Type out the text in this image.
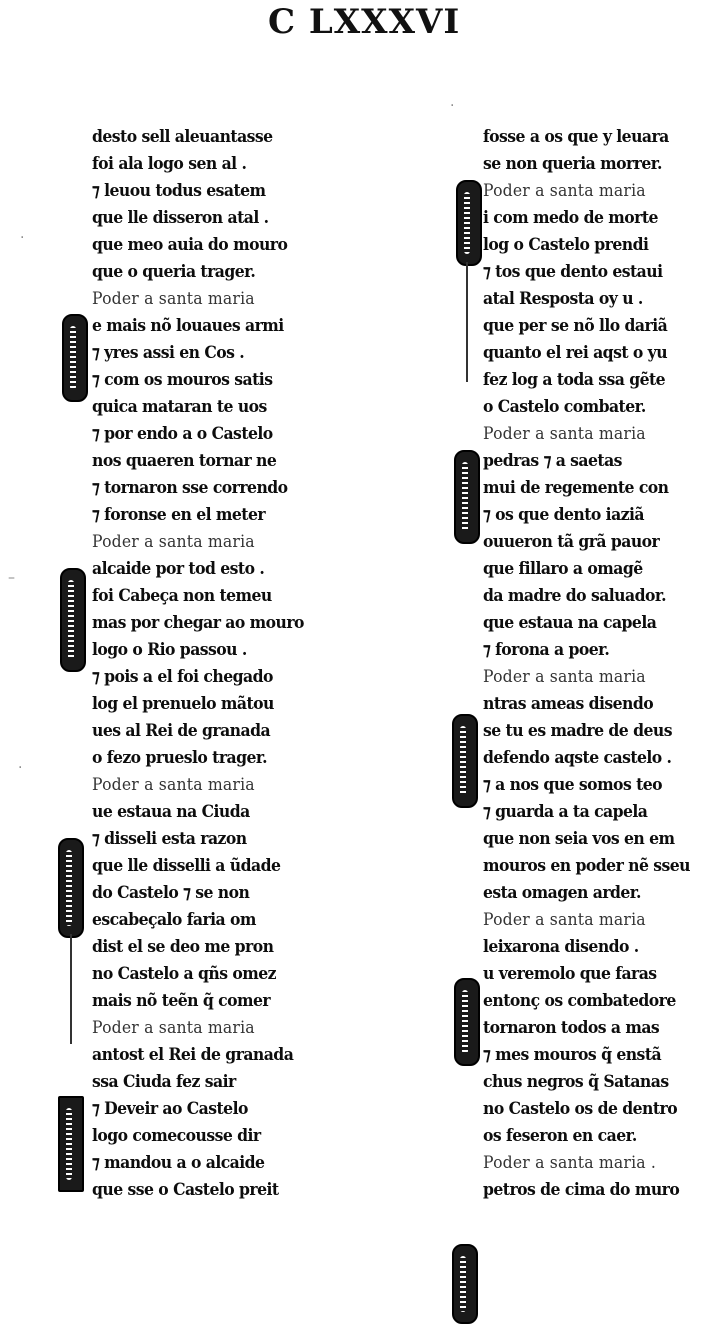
C LXXXVI
·
–
·
·
desto sell aleuantasse
foi ala logo sen al .
⁊ leuou todus esatem
que lle disseron atal .
que meo auia do mouro
que o queria trager.
Poder a santa maria
e mais nõ louaues armi
⁊ yres assi en Cos .
⁊ com os mouros satis
quica mataran te uos
⁊ por endo a o Castelo
nos quaeren tornar ne
⁊ tornaron sse correndo
⁊ foronse en el meter
Poder a santa maria
alcaide por tod esto .
foi Cabeça non temeu
mas por chegar ao mouro
logo o Rio passou .
⁊ pois a el foi chegado
log el prenuelo mãtou
ues al Rei de granada
o fezo prueslo trager.
Poder a santa maria
ue estaua na Ciuda
⁊ disseli esta razon
que lle disselli a ũdade
do Castelo ⁊ se non
escabeçalo faria om
dist el se deo me pron
no Castelo a qñs omez
mais nõ teẽn q̃ comer
Poder a santa maria
antost el Rei de granada
ssa Ciuda fez sair
⁊ Deveir ao Castelo
logo comecousse dir
⁊ mandou a o alcaide
que sse o Castelo preit
fosse a os que y leuara
se non queria morrer.
Poder a santa maria
i com medo de morte
log o Castelo prendi
⁊ tos que dento estaui
atal Resposta oy u .
que per se nõ llo dariã
quanto el rei aqst o yu
fez log a toda ssa gẽte
o Castelo combater.
Poder a santa maria
pedras ⁊ a saetas
mui de regemente con
⁊ os que dento iaziã
ouueron tã grã pauor
que fillaro a omagẽ
da madre do saluador.
que estaua na capela
⁊ forona a poer.
Poder a santa maria
ntras ameas disendo
se tu es madre de deus
defendo aqste castelo .
⁊ a nos que somos teo
⁊ guarda a ta capela
que non seia vos en em
mouros en poder nẽ sseu
esta omagen arder.
Poder a santa maria
leixarona disendo .
u veremolo que faras
entonç os combatedore
tornaron todos a mas
⁊ mes mouros q̃ enstã
chus negros q̃ Satanas
no Castelo os de dentro
os feseron en caer.
Poder a santa maria .
petros de cima do muro
